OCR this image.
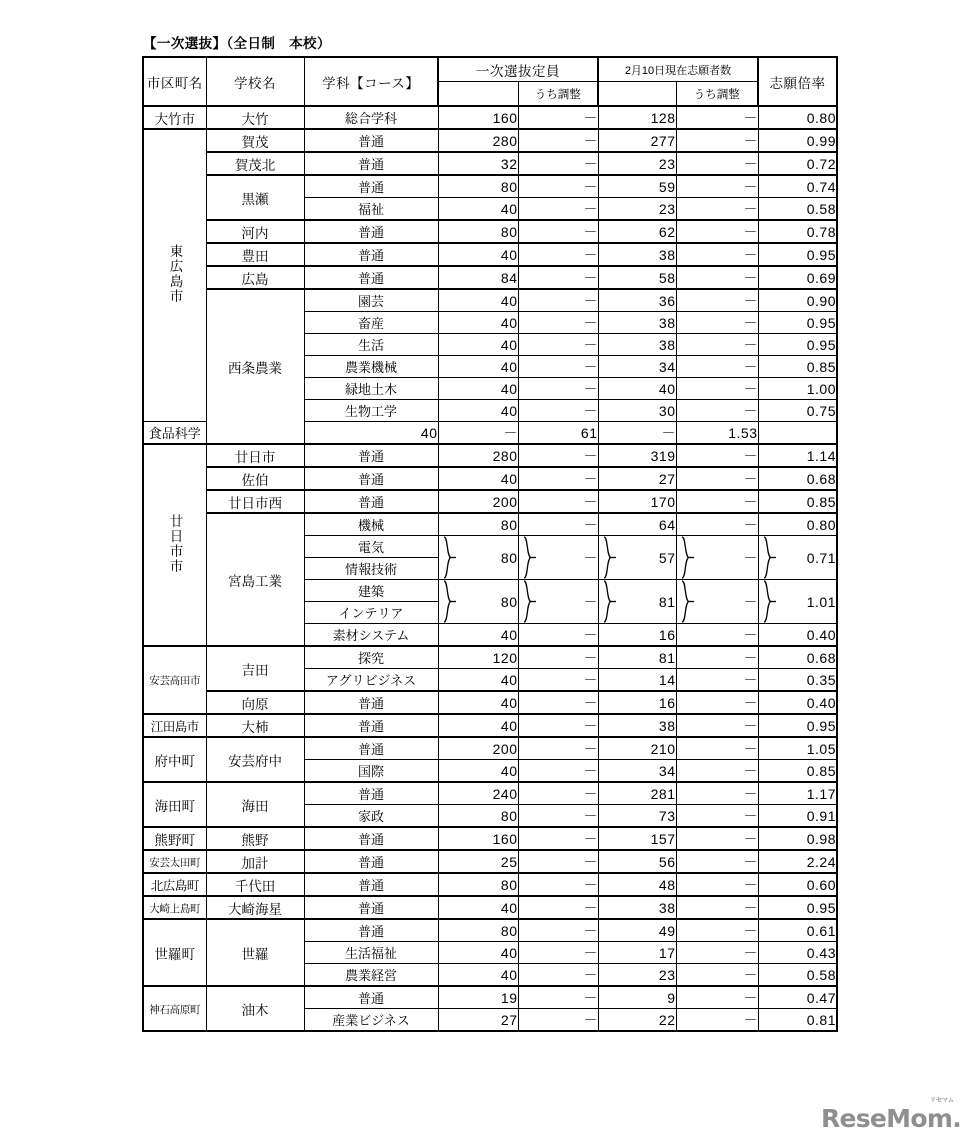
【一次選抜】（全日制　本校）
市区町名	学校名	学科【コース】	一次選抜定員		2月10日現在志願者数		志願倍率
				うち調整		うち調整	
大竹市	大竹	総合学科	160	－	128	－	0.80
東広島市	賀茂	普通	280	－	277	－	0.99
	賀茂北	普通	32	－	23	－	0.72
	黒瀬	普通	80	－	59	－	0.74
		福祉	40	－	23	－	0.58
	河内	普通	80	－	62	－	0.78
	豊田	普通	40	－	38	－	0.95
	広島	普通	84	－	58	－	0.69
	西条農業	園芸	40	－	36	－	0.90
		畜産	40	－	38	－	0.95
		生活	40	－	38	－	0.95
		農業機械	40	－	34	－	0.85
		緑地土木	40	－	40	－	1.00
		生物工学	40	－	30	－	0.75
食品科学		40	－	61	－	1.53	
廿日市市	廿日市	普通	280	－	319	－	1.14
	佐伯	普通	40	－	27	－	0.68
	廿日市西	普通	200	－	170	－	0.85
	宮島工業	機械	80	－	64	－	0.80
		電気	80	－	57	－	0.71
		情報技術					
		建築	80	－	81	－	1.01
		インテリア					
		素材システム	40	－	16	－	0.40
安芸高田市	吉田	探究	120	－	81	－	0.68
		アグリビジネス	40	－	14	－	0.35
	向原	普通	40	－	16	－	0.40
江田島市	大柿	普通	40	－	38	－	0.95
府中町	安芸府中	普通	200	－	210	－	1.05
		国際	40	－	34	－	0.85
海田町	海田	普通	240	－	281	－	1.17
		家政	80	－	73	－	0.91
熊野町	熊野	普通	160	－	157	－	0.98
安芸太田町	加計	普通	25	－	56	－	2.24
北広島町	千代田	普通	80	－	48	－	0.60
大崎上島町	大崎海星	普通	40	－	38	－	0.95
世羅町	世羅	普通	80	－	49	－	0.61
		生活福祉	40	－	17	－	0.43
		農業経営	40	－	23	－	0.58
神石高原町	油木	普通	19	－	9	－	0.47
		産業ビジネス	27	－	22	－	0.81
リセマム
ReseMom.
